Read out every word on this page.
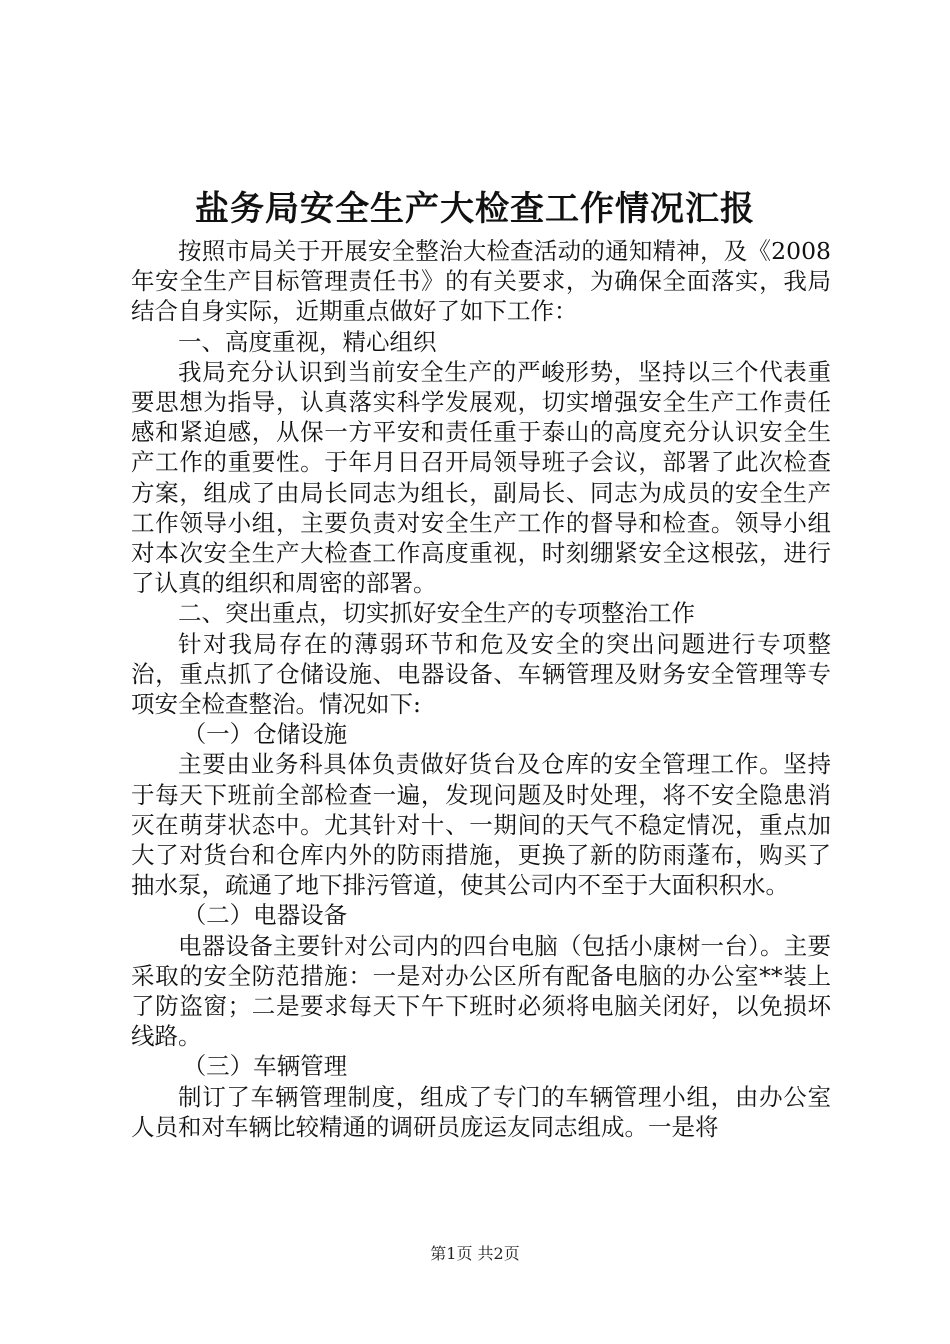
盐务局安全生产大检查工作情况汇报

按照市局关于开展安全整治大检查活动的通知精神，及《2008年安全生产目标管理责任书》的有关要求，为确保全面落实，我局结合自身实际，近期重点做好了如下工作：

一、高度重视，精心组织

我局充分认识到当前安全生产的严峻形势，坚持以三个代表重要思想为指导，认真落实科学发展观，切实增强安全生产工作责任感和紧迫感，从保一方平安和责任重于泰山的高度充分认识安全生产工作的重要性。于年月日召开局领导班子会议，部署了此次检查方案，组成了由局长同志为组长，副局长、同志为成员的安全生产工作领导小组，主要负责对安全生产工作的督导和检查。领导小组对本次安全生产大检查工作高度重视，时刻绷紧安全这根弦，进行了认真的组织和周密的部署。

二、突出重点，切实抓好安全生产的专项整治工作

针对我局存在的薄弱环节和危及安全的突出问题进行专项整治，重点抓了仓储设施、电器设备、车辆管理及财务安全管理等专项安全检查整治。情况如下:

（一）仓储设施

主要由业务科具体负责做好货台及仓库的安全管理工作。坚持于每天下班前全部检查一遍，发现问题及时处理，将不安全隐患消灭在萌芽状态中。尤其针对十、一期间的天气不稳定情况，重点加大了对货台和仓库内外的防雨措施，更换了新的防雨蓬布，购买了抽水泵，疏通了地下排污管道，使其公司内不至于大面积积水。

（二）电器设备

电器设备主要针对公司内的四台电脑（包括小康树一台）。主要采取的安全防范措施：一是对办公区所有配备电脑的办公室**装上了防盗窗；二是要求每天下午下班时必须将电脑关闭好，以免损坏线路。

（三）车辆管理

制订了车辆管理制度，组成了专门的车辆管理小组，由办公室人员和对车辆比较精通的调研员庞运友同志组成。一是将

第1页 共2页
